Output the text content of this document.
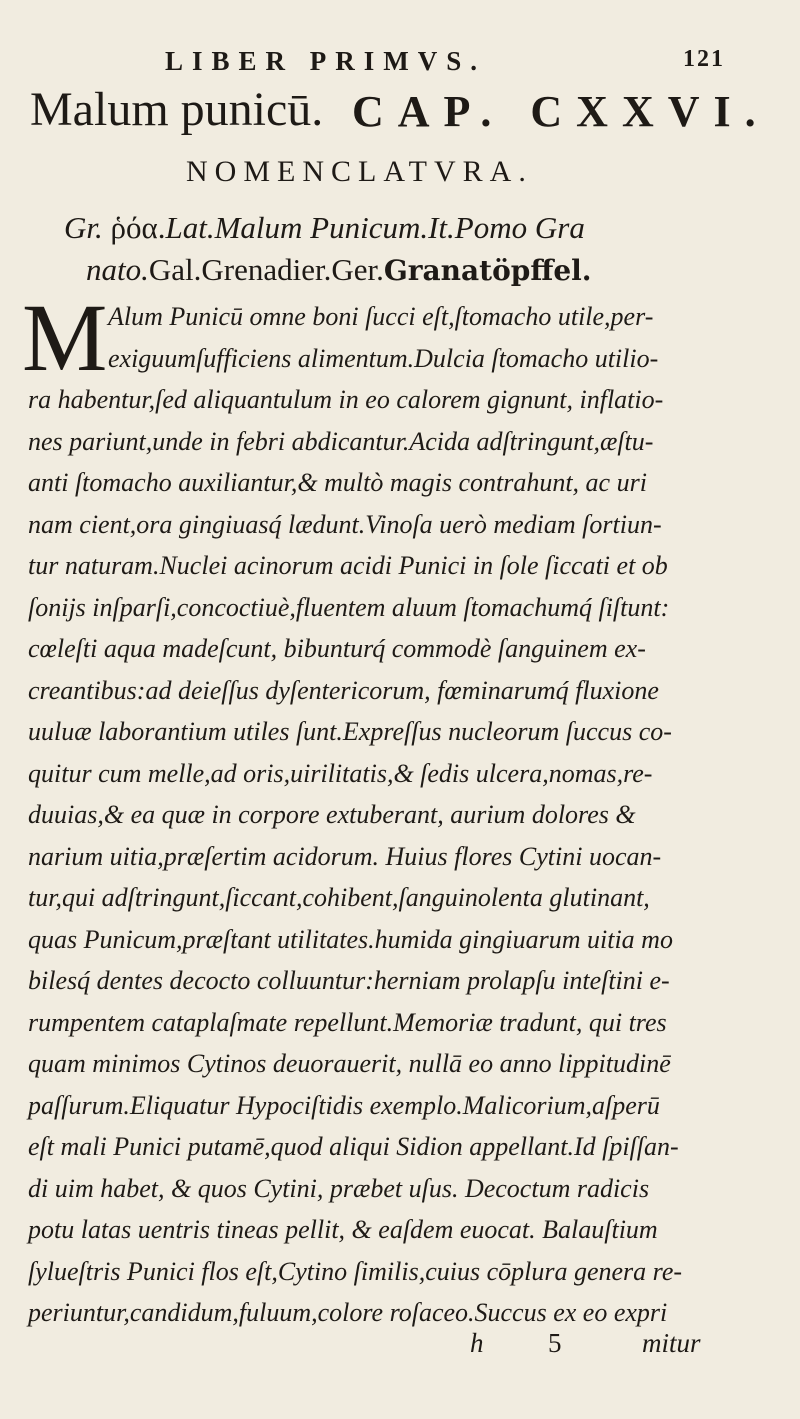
LIBER PRIMVS.	121
Malum punicū. CAP. CXXVI.
NOMENCLATVRA.
Gr. ῥόα.Lat.Malum Punicum.It.Pomo Gra
nato.Gal.Grenadier.Ger.Granatöpffel.
M Alum Punicū omne boni ſucci eſt,ſtomacho utile,per-
exiguumſufficiens alimentum.Dulcia ſtomacho utilio-
ra habentur,ſed aliquantulum in eo calorem gignunt, inflatio-
nes pariunt,unde in febri abdicantur.Acida adſtringunt,æſtu-
anti ſtomacho auxiliantur,& multò magis contrahunt, ac uri
nam cient,ora gingiuasq́ lædunt.Vinoſa uerò mediam ſortiun-
tur naturam.Nuclei acinorum acidi Punici in ſole ſiccati et ob
ſonijs inſparſi,concoctiuè,fluentem aluum ſtomachumq́ ſiſtunt:
cœleſti aqua madeſcunt, bibunturq́ commodè ſanguinem ex-
creantibus:ad deieſſus dyſentericorum, fœminarumq́ fluxione
uuluæ laborantium utiles ſunt.Expreſſus nucleorum ſuccus co-
quitur cum melle,ad oris,uirilitatis,& ſedis ulcera,nomas,re-
duuias,& ea quæ in corpore extuberant, aurium dolores &
narium uitia,præſertim acidorum. Huius flores Cytini uocan-
tur,qui adſtringunt,ſiccant,cohibent,ſanguinolenta glutinant,
quas Punicum,præſtant utilitates.humida gingiuarum uitia mo
bilesq́ dentes decocto colluuntur:herniam prolapſu inteſtini e-
rumpentem cataplaſmate repellunt.Memoriæ tradunt, qui tres
quam minimos Cytinos deuorauerit, nullā eo anno lippitudinē
paſſurum.Eliquatur Hypociſtidis exemplo.Malicorium,aſperū
eſt mali Punici putamē,quod aliqui Sidion appellant.Id ſpiſſan-
di uim habet, & quos Cytini, præbet uſus. Decoctum radicis
potu latas uentris tineas pellit, & eaſdem euocat. Balauſtium
ſylueſtris Punici flos eſt,Cytino ſimilis,cuius cōplura genera re-
periuntur,candidum,fuluum,colore roſaceo.Succus ex eo expri
h 5	mitur
